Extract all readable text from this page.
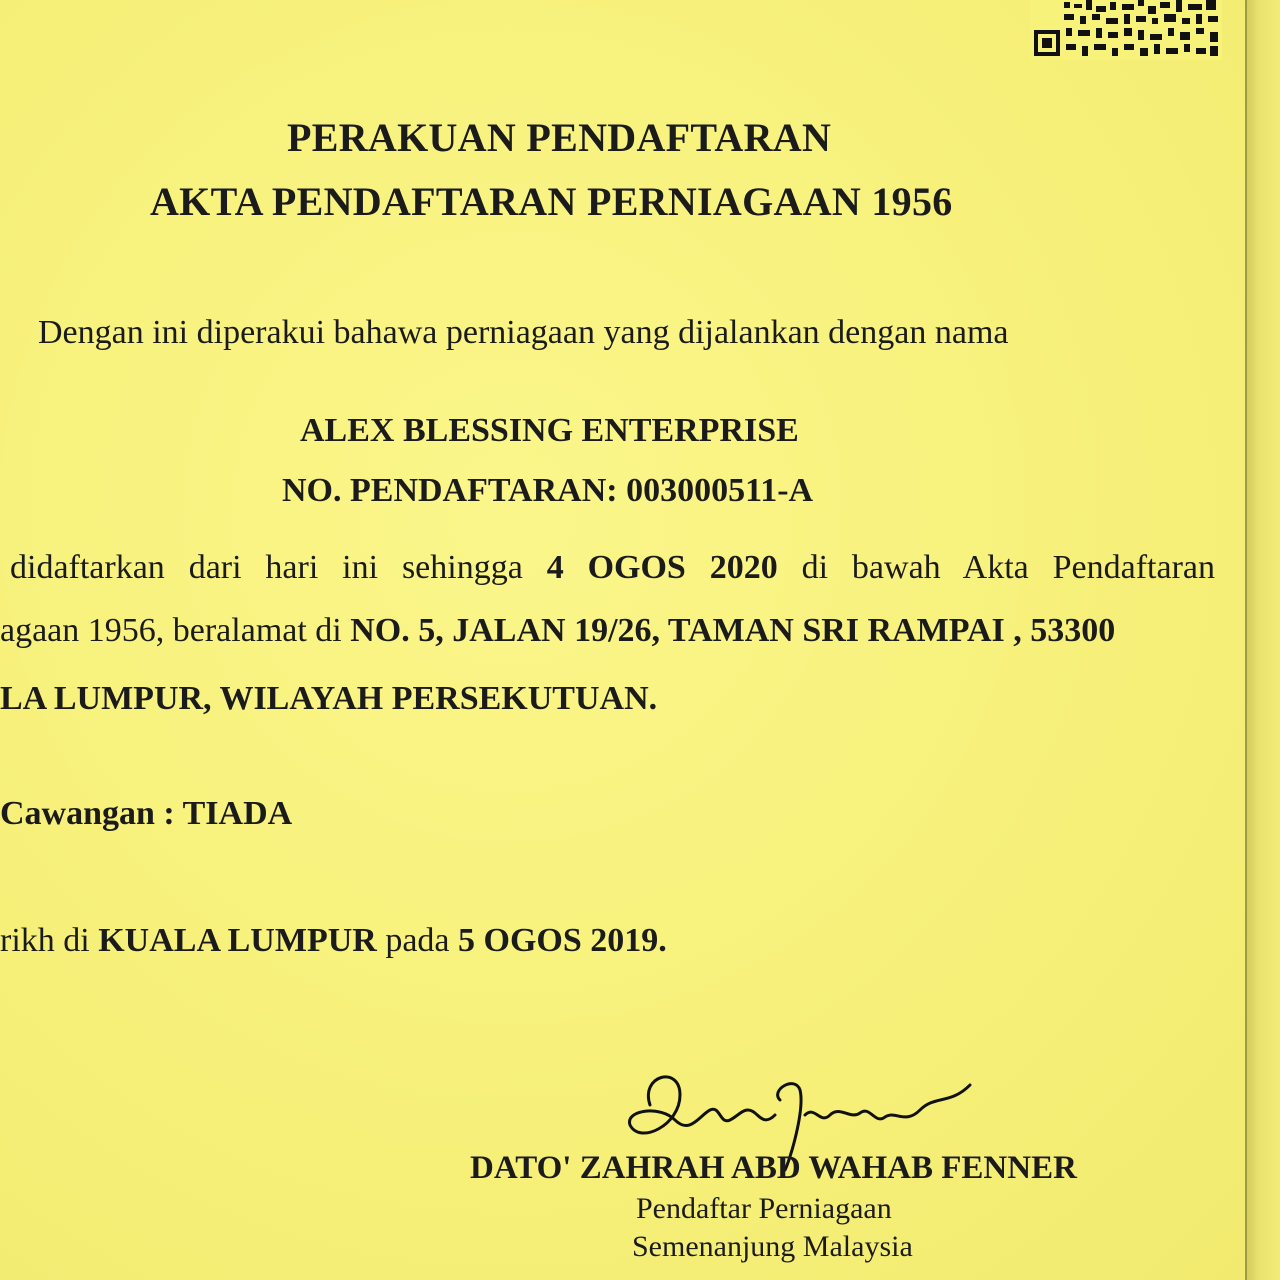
PERAKUAN PENDAFTARAN
AKTA PENDAFTARAN PERNIAGAAN 1956
Dengan ini diperakui bahawa perniagaan yang dijalankan dengan nama
ALEX BLESSING ENTERPRISE
NO. PENDAFTARAN: 003000511-A
didaftarkan dari hari ini sehingga 4 OGOS 2020 di bawah Akta Pendaftaran
agaan 1956, beralamat di NO. 5, JALAN 19/26, TAMAN SRI RAMPAI , 53300
LA LUMPUR, WILAYAH PERSEKUTUAN.
Cawangan : TIADA
rikh di KUALA LUMPUR pada 5 OGOS 2019.
DATO' ZAHRAH ABD WAHAB FENNER
Pendaftar Perniagaan
Semenanjung Malaysia
